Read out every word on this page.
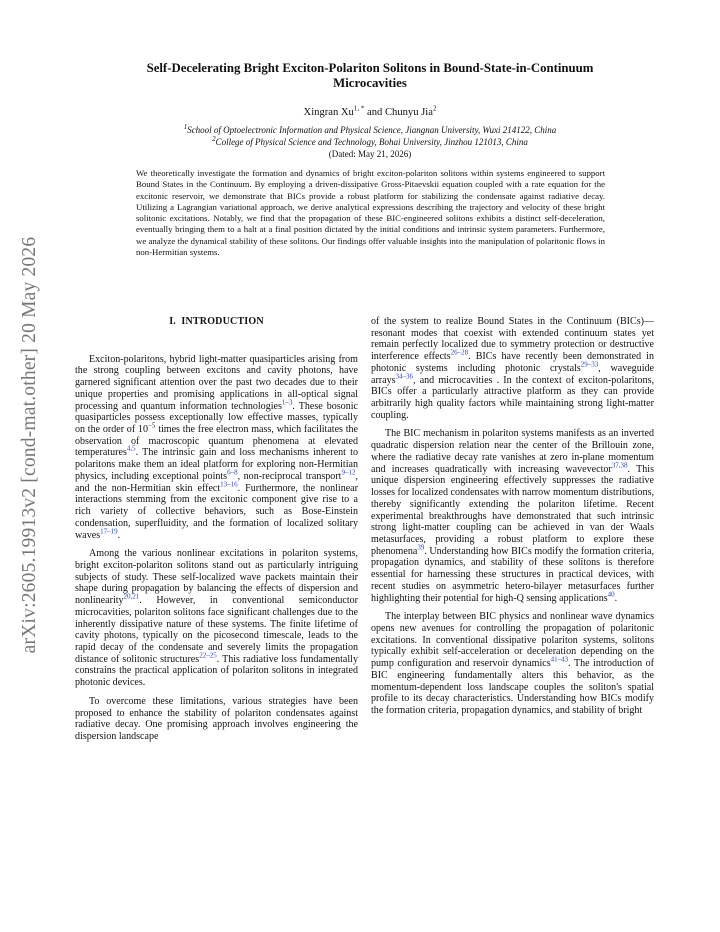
arXiv:2605.19913v2 [cond-mat.other] 20 May 2026
Self-Decelerating Bright Exciton-Polariton Solitons in Bound-State-in-Continuum
Microcavities
Xingran $Xu^{1, *}$ and Chunyu Jia$^2$
$^1$School of Optoelectronic Information and Physical Science, Jiangnan University, Wuxi 214122, China
$^2$College of Physical Science and Technology, Bohai University, Jinzhou 121013, China
(Dated: May 21, 2026)
We theoretically investigate the formation and dynamics of bright exciton-polariton solitons within systems engineered to support Bound States in the Continuum. By employing a driven-dissipative Gross-Pitaevskii equation coupled with a rate equation for the excitonic reservoir, we demonstrate that BICs provide a robust platform for stabilizing the condensate against radiative decay. Utilizing a Lagrangian variational approach, we derive analytical expressions describing the trajectory and velocity of these bright solitonic excitations. Notably, we find that the propagation of these BIC-engineered solitons exhibits a distinct self-deceleration, eventually bringing them to a halt at a final position dictated by the initial conditions and intrinsic system parameters. Furthermore, we analyze the dynamical stability of these solitons. Our findings offer valuable insights into the manipulation of polaritonic flows in non-Hermitian systems.
I. INTRODUCTION

Exciton-polaritons, hybrid light-matter quasiparticles arising from the strong coupling between excitons and cavity photons, have garnered significant attention over the past two decades due to their unique properties and promising applications in all-optical signal processing and quantum information technologies$^{1-3}$. These bosonic quasiparticles possess exceptionally low effective masses, typically on the order of $10^{-5}$ times the free electron mass, which facilitates the observation of macroscopic quantum phenomena at elevated temperatures$^{4,5}$. The intrinsic gain and loss mechanisms inherent to polaritons make them an ideal platform for exploring non-Hermitian physics, including exceptional points$^{6-8}$, non-reciprocal transport$^{9-12}$, and the non-Hermitian skin effect$^{13-16}$. Furthermore, the nonlinear interactions stemming from the excitonic component give rise to a rich variety of collective behaviors, such as Bose-Einstein condensation, superfluidity, and the formation of localized solitary waves$^{17-19}$.

Among the various nonlinear excitations in polariton systems, bright exciton-polariton solitons stand out as particularly intriguing subjects of study. These self-localized wave packets maintain their shape during propagation by balancing the effects of dispersion and nonlinearity$^{20,21}$. However, in conventional semiconductor microcavities, polariton solitons face significant challenges due to the inherently dissipative nature of these systems. The finite lifetime of cavity photons, typically on the picosecond timescale, leads to the rapid decay of the condensate and severely limits the propagation distance of solitonic structures$^{22-25}$. This radiative loss fundamentally constrains the practical application of polariton solitons in integrated photonic devices.

To overcome these limitations, various strategies have been proposed to enhance the stability of polariton condensates against radiative decay. One promising approach involves engineering the dispersion landscape

of the system to realize Bound States in the Continuum (BICs)—resonant modes that coexist with extended continuum states yet remain perfectly localized due to symmetry protection or destructive interference effects$^{26-28}$. BICs have recently been demonstrated in photonic systems including photonic crystals$^{29-33}$, waveguide arrays$^{34-36}$, and microcavities . In the context of exciton-polaritons, BICs offer a particularly attractive platform as they can provide arbitrarily high quality factors while maintaining strong light-matter coupling.

The BIC mechanism in polariton systems manifests as an inverted quadratic dispersion relation near the center of the Brillouin zone, where the radiative decay rate vanishes at zero in-plane momentum and increases quadratically with increasing wavevector$^{37,38}$. This unique dispersion engineering effectively suppresses the radiative losses for localized condensates with narrow momentum distributions, thereby significantly extending the polariton lifetime. Recent experimental breakthroughs have demonstrated that such intrinsic strong light-matter coupling can be achieved in van der Waals metasurfaces, providing a robust platform to explore these phenomena$^{39}$. Understanding how BICs modify the formation criteria, propagation dynamics, and stability of these solitons is therefore essential for harnessing these structures in practical devices, with recent studies on asymmetric hetero-bilayer metasurfaces further highlighting their potential for high-Q sensing applications$^{40}$.

The interplay between BIC physics and nonlinear wave dynamics opens new avenues for controlling the propagation of polaritonic excitations. In conventional dissipative polariton systems, solitons typically exhibit self-acceleration or deceleration depending on the pump configuration and reservoir dynamics$^{41-43}$. The introduction of BIC engineering fundamentally alters this behavior, as the momentum-dependent loss landscape couples the soliton's spatial profile to its decay characteristics. Understanding how BICs modify the formation criteria, propagation dynamics, and stability of bright
